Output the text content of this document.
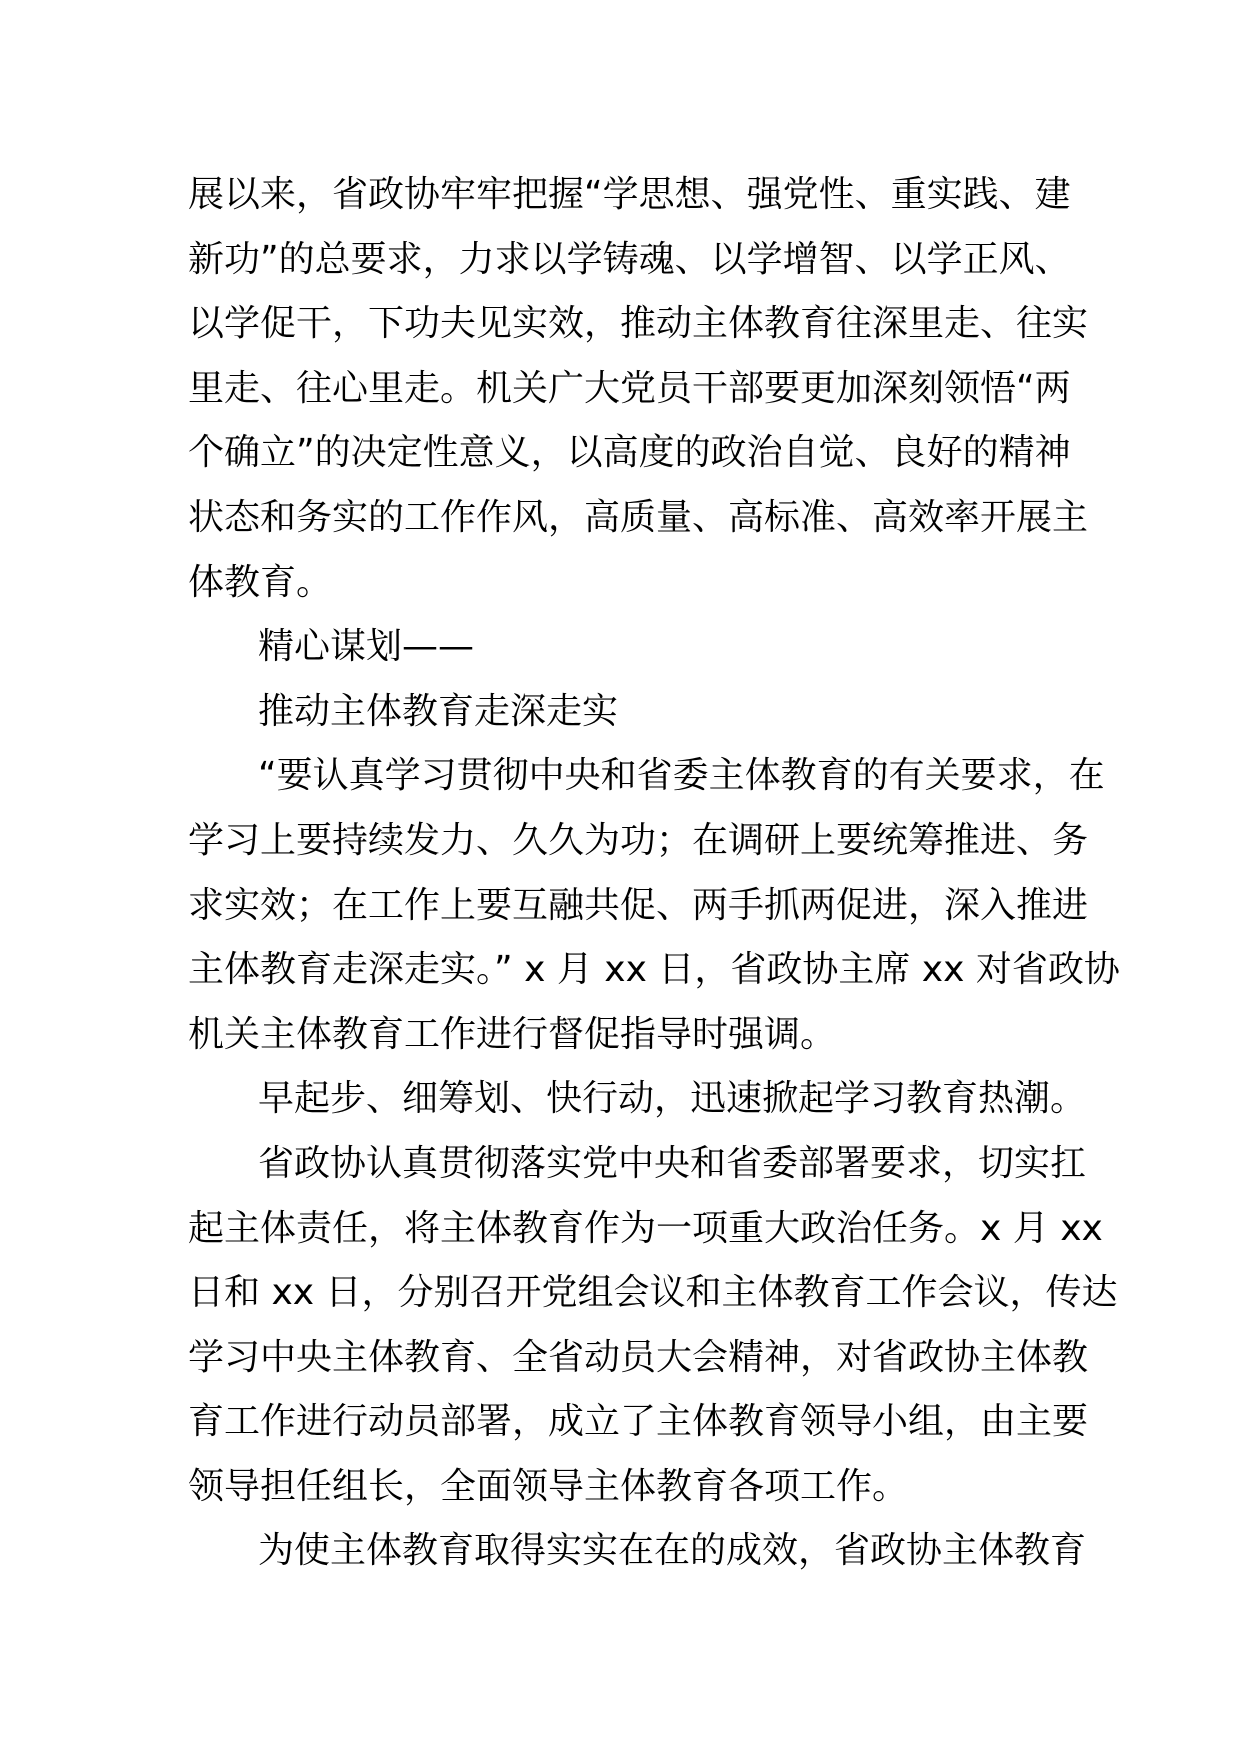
展以来，省政协牢牢把握“学思想、强党性、重实践、建
新功”的总要求，力求以学铸魂、以学增智、以学正风、
以学促干，下功夫见实效，推动主体教育往深里走、往实
里走、往心里走。机关广大党员干部要更加深刻领悟“两
个确立”的决定性意义，以高度的政治自觉、良好的精神
状态和务实的工作作风，高质量、高标准、高效率开展主
体教育。
精心谋划——
推动主体教育走深走实
“要认真学习贯彻中央和省委主体教育的有关要求，在
学习上要持续发力、久久为功；在调研上要统筹推进、务
求实效；在工作上要互融共促、两手抓两促进，深入推进
主体教育走深走实。” x 月 xx 日，省政协主席 xx 对省政协
机关主体教育工作进行督促指导时强调。
早起步、细筹划、快行动，迅速掀起学习教育热潮。
省政协认真贯彻落实党中央和省委部署要求，切实扛
起主体责任，将主体教育作为一项重大政治任务。x 月 xx
日和 xx 日，分别召开党组会议和主体教育工作会议，传达
学习中央主体教育、全省动员大会精神，对省政协主体教
育工作进行动员部署，成立了主体教育领导小组，由主要
领导担任组长，全面领导主体教育各项工作。
为使主体教育取得实实在在的成效，省政协主体教育
